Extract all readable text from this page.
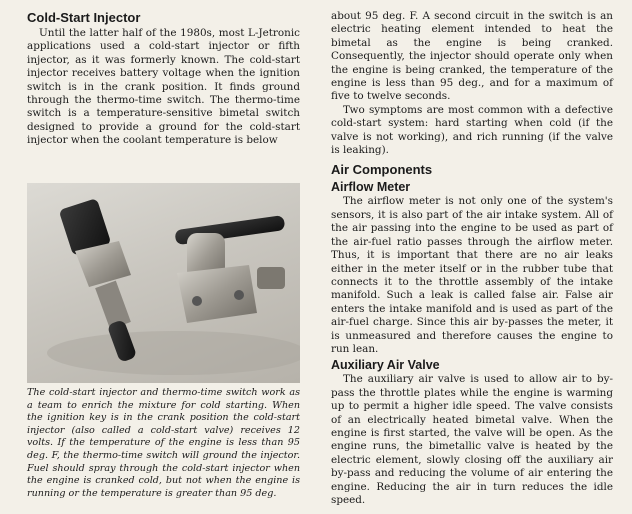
Cold-Start Injector

Until the latter half of the 1980s, most L-Jetronic applications used a cold-start injector or fifth injector, as it was formerly known. The cold-start injector receives battery voltage when the ignition switch is in the crank position. It finds ground through the thermo-time switch. The thermo-time switch is a temperature-sensitive bimetal switch designed to provide a ground for the cold-start injector when the coolant temperature is below

The cold-start injector and thermo-time switch work as a team to enrich the mixture for cold starting. When the ignition key is in the crank position the cold-start injector (also called a cold-start valve) receives 12 volts. If the temperature of the engine is less than 95 deg. F, the thermo-time switch will ground the injector. Fuel should spray through the cold-start injector when the engine is cranked cold, but not when the engine is running or the temperature is greater than 95 deg.

about 95 deg. F. A second circuit in the switch is an electric heating element intended to heat the bimetal as the engine is being cranked. Consequently, the injector should operate only when the engine is being cranked, the temperature of the engine is less than 95 deg., and for a maximum of five to twelve seconds.

Two symptoms are most common with a defective cold-start system: hard starting when cold (if the valve is not working), and rich running (if the valve is leaking).

Air Components
Airflow Meter

The airflow meter is not only one of the system's sensors, it is also part of the air intake system. All of the air passing into the engine to be used as part of the air-fuel ratio passes through the airflow meter. Thus, it is important that there are no air leaks either in the meter itself or in the rubber tube that connects it to the throttle assembly of the intake manifold. Such a leak is called false air. False air enters the intake manifold and is used as part of the air-fuel charge. Since this air by-passes the meter, it is unmeasured and therefore causes the engine to run lean.

Auxiliary Air Valve

The auxiliary air valve is used to allow air to by-pass the throttle plates while the engine is warming up to permit a higher idle speed. The valve consists of an electrically heated bimetal valve. When the engine is first started, the valve will be open. As the engine runs, the bimetallic valve is heated by the electric element, slowly closing off the auxiliary air by-pass and reducing the volume of air entering the engine. Reducing the air in turn reduces the idle speed.
